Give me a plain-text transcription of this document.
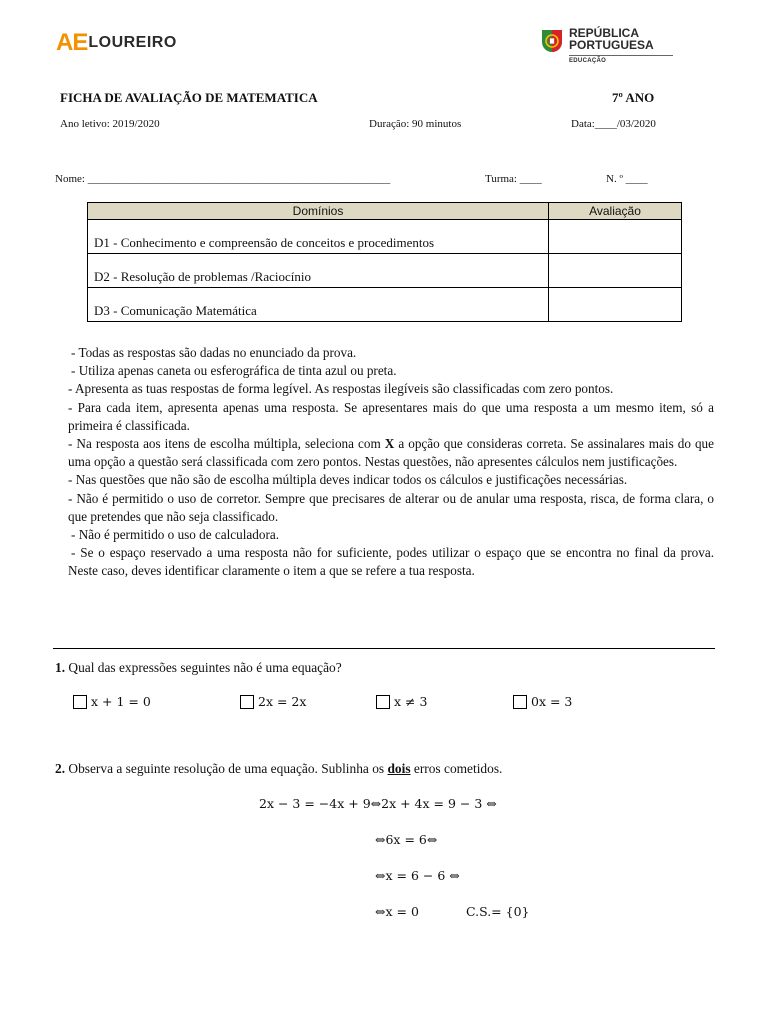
AE LOUREIRO
REPÚBLICA
PORTUGUESA
EDUCAÇÃO
FICHA DE AVALIAÇÃO DE MATEMATICA	7º ANO
Ano letivo: 2019/2020	Duração: 90 minutos	Data:____/03/2020
Nome: _______________________________________________________	Turma: ____	N. º ____
Domínios	Avaliação
D1 - Conhecimento e compreensão de conceitos e procedimentos	
D2 - Resolução de problemas /Raciocínio	
D3 - Comunicação Matemática	

- Todas as respostas são dadas no enunciado da prova.

- Utiliza apenas caneta ou esferográfica de tinta azul ou preta.

- Apresenta as tuas respostas de forma legível. As respostas ilegíveis são classificadas com zero pontos.

- Para cada item, apresenta apenas uma resposta. Se apresentares mais do que uma resposta a um mesmo item, só a primeira é classificada.

- Na resposta aos itens de escolha múltipla, seleciona com X a opção que consideras correta. Se assinalares mais do que uma opção a questão será classificada com zero pontos. Nestas questões, não apresentes cálculos nem justificações.

- Nas questões que não são de escolha múltipla deves indicar todos os cálculos e justificações necessárias.

- Não é permitido o uso de corretor. Sempre que precisares de alterar ou de anular uma resposta, risca, de forma clara, o que pretendes que não seja classificado.

- Não é permitido o uso de calculadora.

- Se o espaço reservado a uma resposta não for suficiente, podes utilizar o espaço que se encontra no final da prova. Neste caso, deves identificar claramente o item a que se refere a tua resposta.

1. Qual das expressões seguintes não é uma equação?
x + 1 = 0	2x = 2x	x ≠ 3	0x = 3
2. Observa a seguinte resolução de uma equação. Sublinha os dois erros cometidos.
2x − 3 = −4x + 9⇔2x + 4x = 9 − 3 ⇔
⇔6x = 6⇔
⇔x = 6 − 6 ⇔
⇔x = 0	C.S.= {0}
